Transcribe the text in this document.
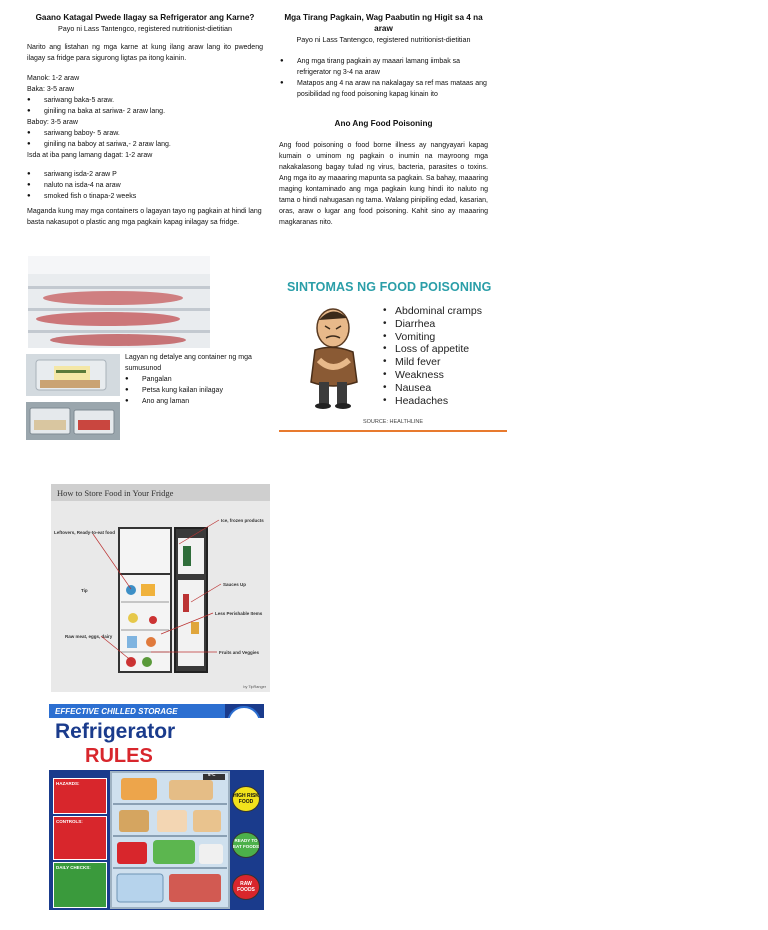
Gaano Katagal Pwede Ilagay sa Refrigerator ang Karne?
Payo ni Lass Tantengco, registered nutritionist-dietitian
Narito ang listahan ng mga karne at kung ilang araw lang ito pwedeng ilagay sa fridge para sigurong ligtas pa itong kainin.
Manok: 1-2 araw
Baka: 3-5 araw
● sariwang baka-5 araw.
● giniling na baka at sariwa- 2 araw lang.
Baboy: 3-5 araw
● sariwang baboy- 5 araw.
● giniling na baboy at sariwa,- 2 araw lang.
Isda at iba pang lamang dagat: 1-2 araw
● sariwang isda-2 araw P
● naluto na isda-4 na araw
● smoked fish o tinapa-2 weeks
Maganda kung may mga containers o lagayan tayo ng pagkain at hindi lang basta nakasupot o plastic ang mga pagkain kapag inilagay sa fridge.
Lagyan ng detalye ang container ng mga sumusunod
● Pangalan
● Petsa kung kailan inilagay
● Ano ang laman
Mga Tirang Pagkain, Wag Paabutin ng Higit sa 4 na araw
Payo ni Lass Tantengco, registered nutritionist-dietitian
● Ang mga tirang pagkain ay maaari lamang iimbak sa refrigerator ng 3-4 na araw
● Matapos ang 4 na araw na nakalagay sa ref mas mataas ang posibilidad ng food poisoning kapag kinain ito
Ano Ang Food Poisoning
Ang food poisoning o food borne illness ay nangyayari kapag kumain o uminom ng pagkain o inumin na mayroong mga nakakalasong bagay tulad ng virus, bacteria, parasites o toxins. Ang mga ito ay maaaring mapunta sa pagkain. Sa bahay, maaaring maging kontaminado ang mga pagkain kung hindi ito naluto ng tama o hindi nahugasan ng tama. Walang pinipiling edad, kasarian, oras, araw o lugar ang food poisoning. Kahit sino ay maaaring magkaranas nito.
SINTOMAS NG FOOD POISONING
• Abdominal cramps
• Diarrhea
• Vomiting
• Loss of appetite
• Mild fever
• Weakness
• Nausea
• Headaches
SOURCE: HEALTHLINE
How to Store Food in Your Fridge
Leftovers, Ready-to-eat food
Tip
Raw meat, eggs, dairy
Ice, frozen products
Sauces Up
Less Perishable Items
Fruits and Veggies
by TipRanger
EFFECTIVE CHILLED STORAGE
Refrigerator
RULES
HAZARDS:
CONTROLS:
DAILY CHECKS:
5°C
HIGH RISK FOOD
READY TO EAT FOODS
RAW FOODS
